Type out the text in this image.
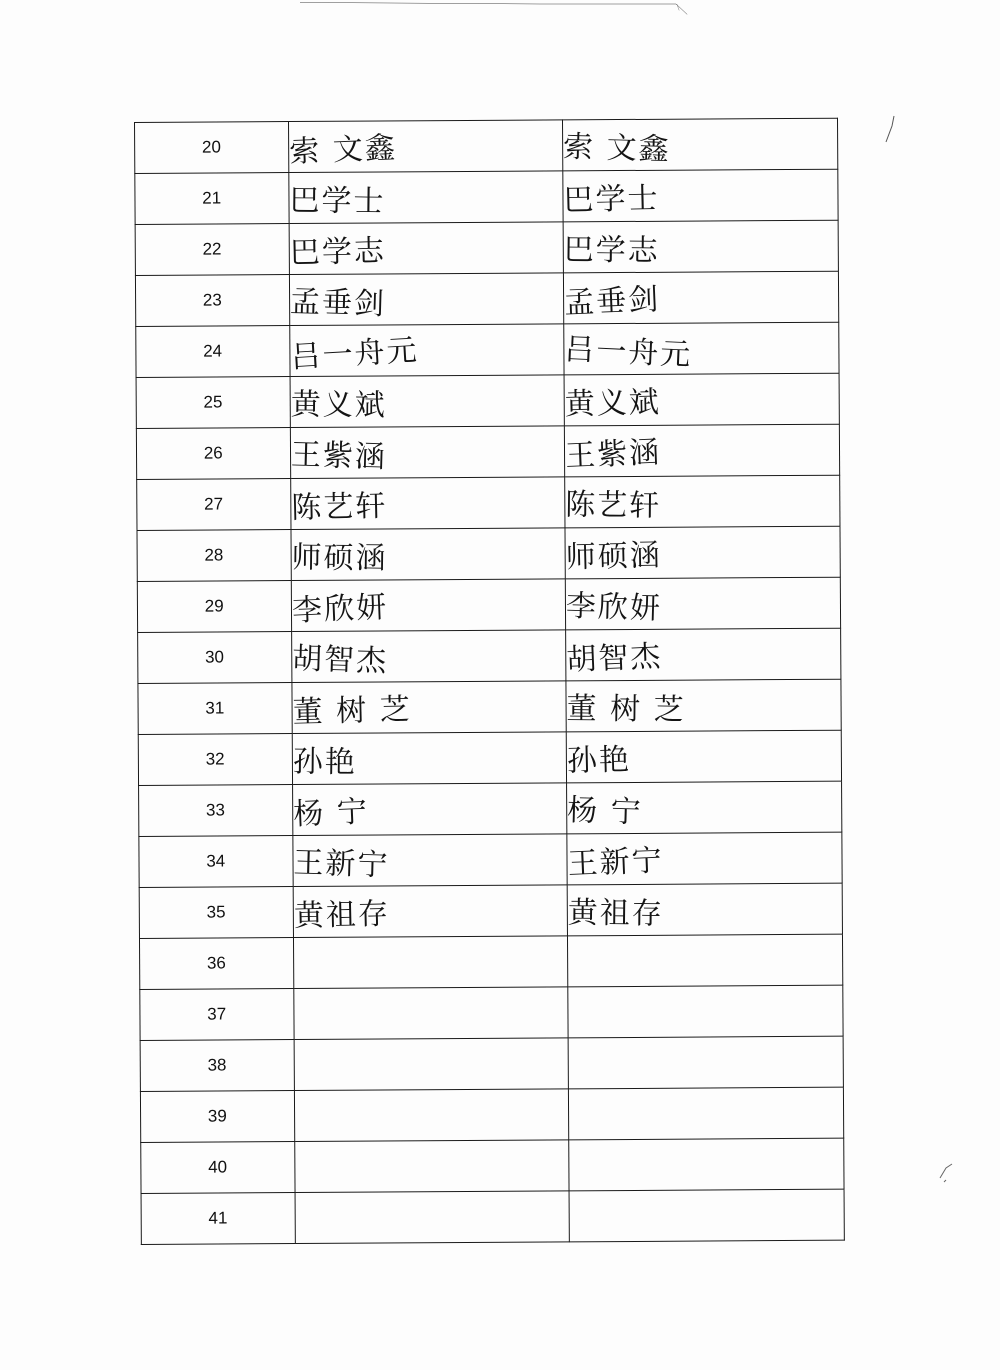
20	索 文鑫	索 文鑫
21	巴学士	巴学士
22	巴学志	巴学志
23	孟垂剑	孟垂剑
24	吕一舟元	吕一舟元
25	黄义斌	黄义斌
26	王紫涵	王紫涵
27	陈艺轩	陈艺轩
28	师硕涵	师硕涵
29	李欣妍	李欣妍
30	胡智杰	胡智杰
31	董 树 芝	董 树 芝
32	孙艳	孙艳
33	杨 宁	杨 宁
34	王新宁	王新宁
35	黄祖存	黄祖存
36		
37		
38		
39		
40		
41		
